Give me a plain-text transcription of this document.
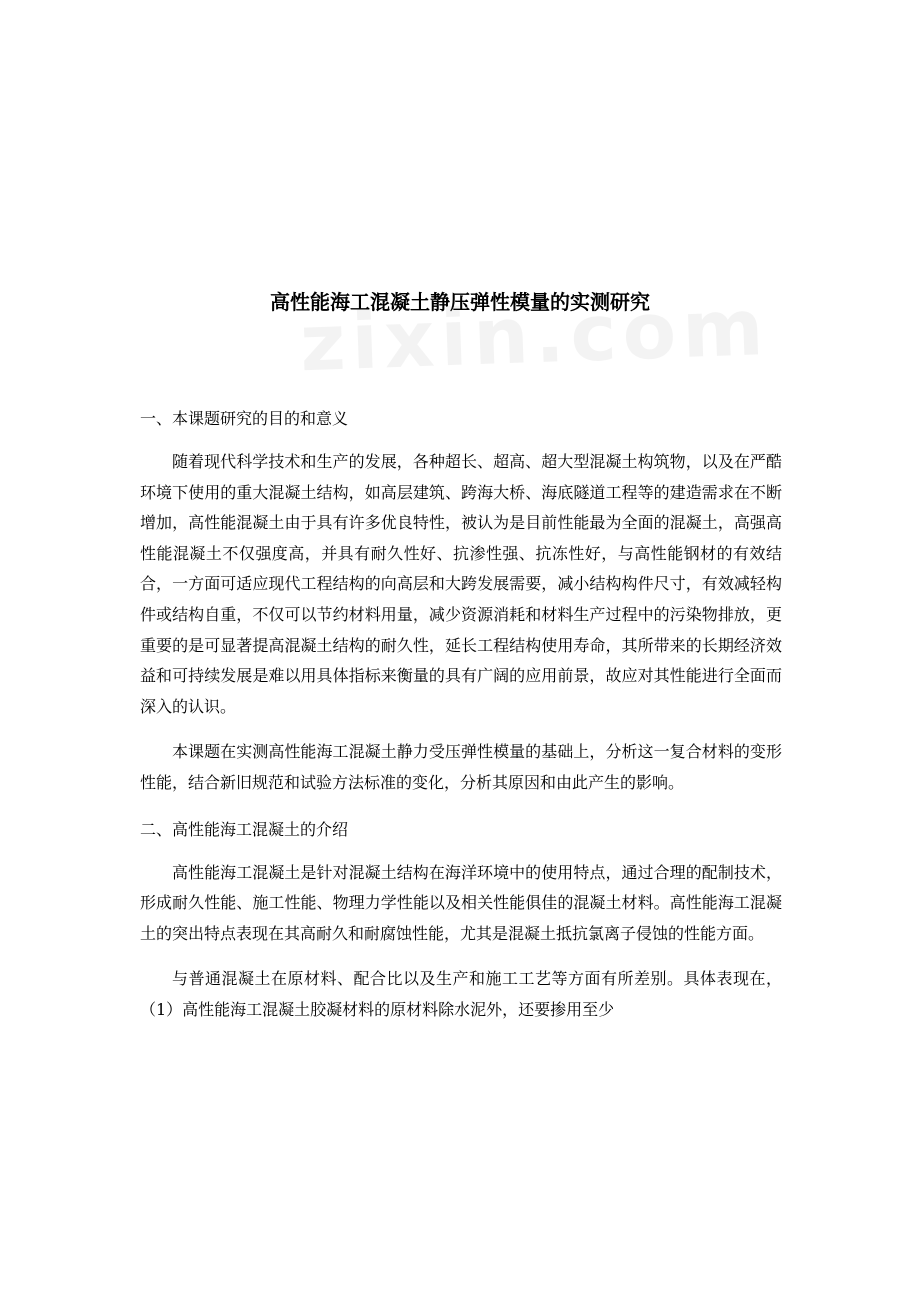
高性能海工混凝土静压弹性模量的实测研究
一、本课题研究的目的和意义

随着现代科学技术和生产的发展，各种超长、超高、超大型混凝土构筑物，以及在严酷环境下使用的重大混凝土结构，如高层建筑、跨海大桥、海底隧道工程等的建造需求在不断增加，高性能混凝土由于具有许多优良特性，被认为是目前性能最为全面的混凝土，高强高性能混凝土不仅强度高，并具有耐久性好、抗渗性强、抗冻性好，与高性能钢材的有效结合，一方面可适应现代工程结构的向高层和大跨发展需要，减小结构构件尺寸，有效减轻构件或结构自重，不仅可以节约材料用量，减少资源消耗和材料生产过程中的污染物排放，更重要的是可显著提高混凝土结构的耐久性，延长工程结构使用寿命，其所带来的长期经济效益和可持续发展是难以用具体指标来衡量的具有广阔的应用前景，故应对其性能进行全面而深入的认识。

本课题在实测高性能海工混凝土静力受压弹性模量的基础上，分析这一复合材料的变形性能，结合新旧规范和试验方法标准的变化，分析其原因和由此产生的影响。

二、高性能海工混凝土的介绍

高性能海工混凝土是针对混凝土结构在海洋环境中的使用特点，通过合理的配制技术，形成耐久性能、施工性能、物理力学性能以及相关性能俱佳的混凝土材料。高性能海工混凝土的突出特点表现在其高耐久和耐腐蚀性能，尤其是混凝土抵抗氯离子侵蚀的性能方面。

与普通混凝土在原材料、配合比以及生产和施工工艺等方面有所差别。具体表现在，（1）高性能海工混凝土胶凝材料的原材料除水泥外，还要掺用至少
